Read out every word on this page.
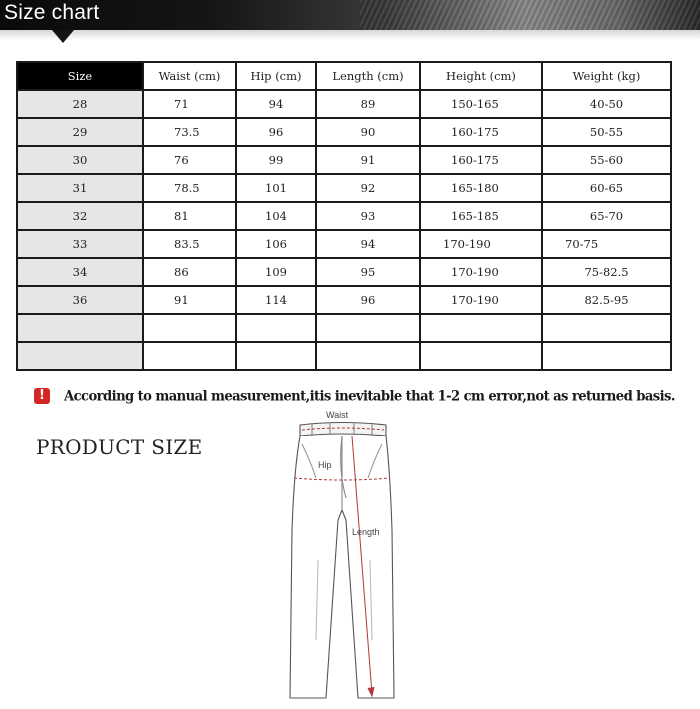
Size chart
Size	Waist (cm)	Hip (cm)	Length (cm)	Height (cm)	Weight (kg)
28	71	94	89	150-165	40-50
29	73.5	96	90	160-175	50-55
30	76	99	91	160-175	55-60
31	78.5	101	92	165-180	60-65
32	81	104	93	165-185	65-70
33	83.5	106	94	170-190	70-75
34	86	109	95	170-190	75-82.5
36	91	114	96	170-190	82.5-95

!	According to manual measurement,itis inevitable that 1-2 cm error,not as returned basis.
PRODUCT SIZE
Waist
Hip
Length
